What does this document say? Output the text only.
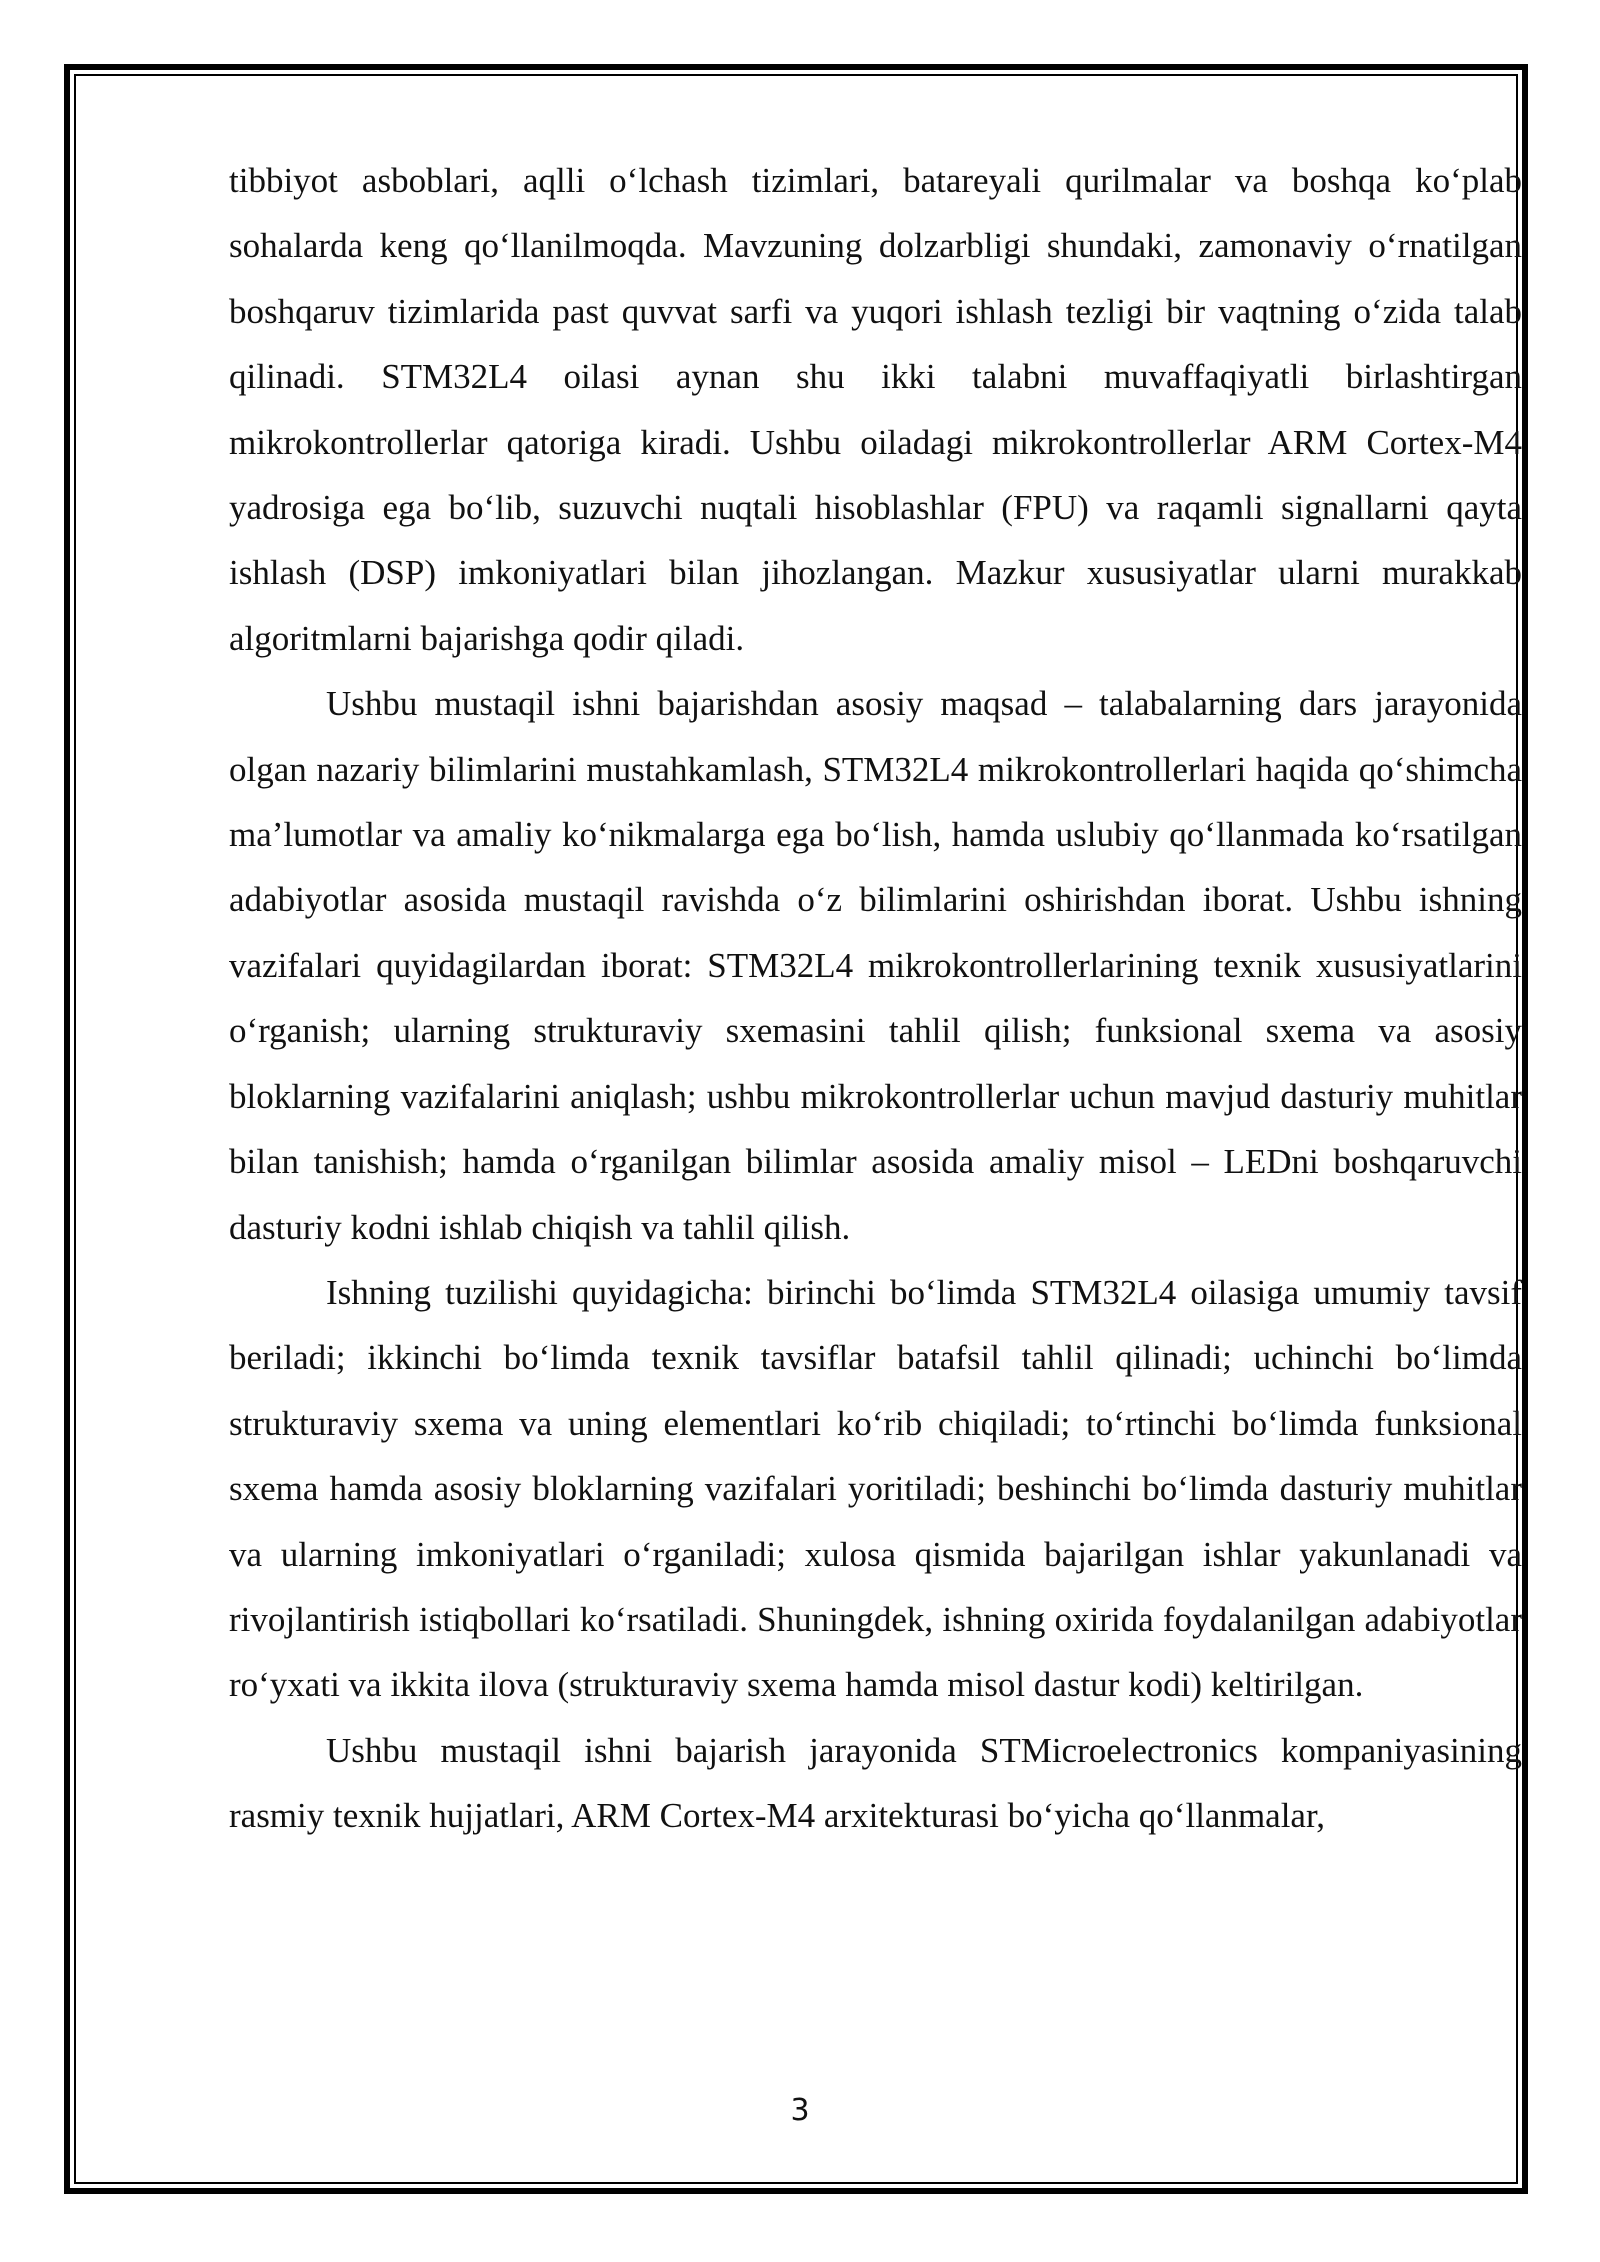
tibbiyot asboblari, aqlli o‘lchash tizimlari, batareyali qurilmalar va boshqa ko‘plab sohalarda keng qo‘llanilmoqda. Mavzuning dolzarbligi shundaki, zamonaviy o‘rnatilgan boshqaruv tizimlarida past quvvat sarfi va yuqori ishlash tezligi bir vaqtning o‘zida talab qilinadi. STM32L4 oilasi aynan shu ikki talabni muvaffaqiyatli birlashtirgan mikrokontrollerlar qatoriga kiradi. Ushbu oiladagi mikrokontrollerlar ARM Cortex-M4 yadrosiga ega bo‘lib, suzuvchi nuqtali hisoblashlar (FPU) va raqamli signallarni qayta ishlash (DSP) imkoniyatlari bilan jihozlangan. Mazkur xususiyatlar ularni murakkab algoritmlarni bajarishga qodir qiladi.

Ushbu mustaqil ishni bajarishdan asosiy maqsad – talabalarning dars jarayonida olgan nazariy bilimlarini mustahkamlash, STM32L4 mikrokontrollerlari haqida qo‘shimcha ma’lumotlar va amaliy ko‘nikmalarga ega bo‘lish, hamda uslubiy qo‘llanmada ko‘rsatilgan adabiyotlar asosida mustaqil ravishda o‘z bilimlarini oshirishdan iborat. Ushbu ishning vazifalari quyidagilardan iborat: STM32L4 mikrokontrollerlarining texnik xususiyatlarini o‘rganish; ularning strukturaviy sxemasini tahlil qilish; funksional sxema va asosiy bloklarning vazifalarini aniqlash; ushbu mikrokontrollerlar uchun mavjud dasturiy muhitlar bilan tanishish; hamda o‘rganilgan bilimlar asosida amaliy misol – LEDni boshqaruvchi dasturiy kodni ishlab chiqish va tahlil qilish.

Ishning tuzilishi quyidagicha: birinchi bo‘limda STM32L4 oilasiga umumiy tavsif beriladi; ikkinchi bo‘limda texnik tavsiflar batafsil tahlil qilinadi; uchinchi bo‘limda strukturaviy sxema va uning elementlari ko‘rib chiqiladi; to‘rtinchi bo‘limda funksional sxema hamda asosiy bloklarning vazifalari yoritiladi; beshinchi bo‘limda dasturiy muhitlar va ularning imkoniyatlari o‘rganiladi; xulosa qismida bajarilgan ishlar yakunlanadi va rivojlantirish istiqbollari ko‘rsatiladi. Shuningdek, ishning oxirida foydalanilgan adabiyotlar ro‘yxati va ikkita ilova (strukturaviy sxema hamda misol dastur kodi) keltirilgan.

Ushbu mustaqil ishni bajarish jarayonida STMicroelectronics kompaniyasining rasmiy texnik hujjatlari, ARM Cortex-M4 arxitekturasi bo‘yicha qo‘llanmalar,

3
